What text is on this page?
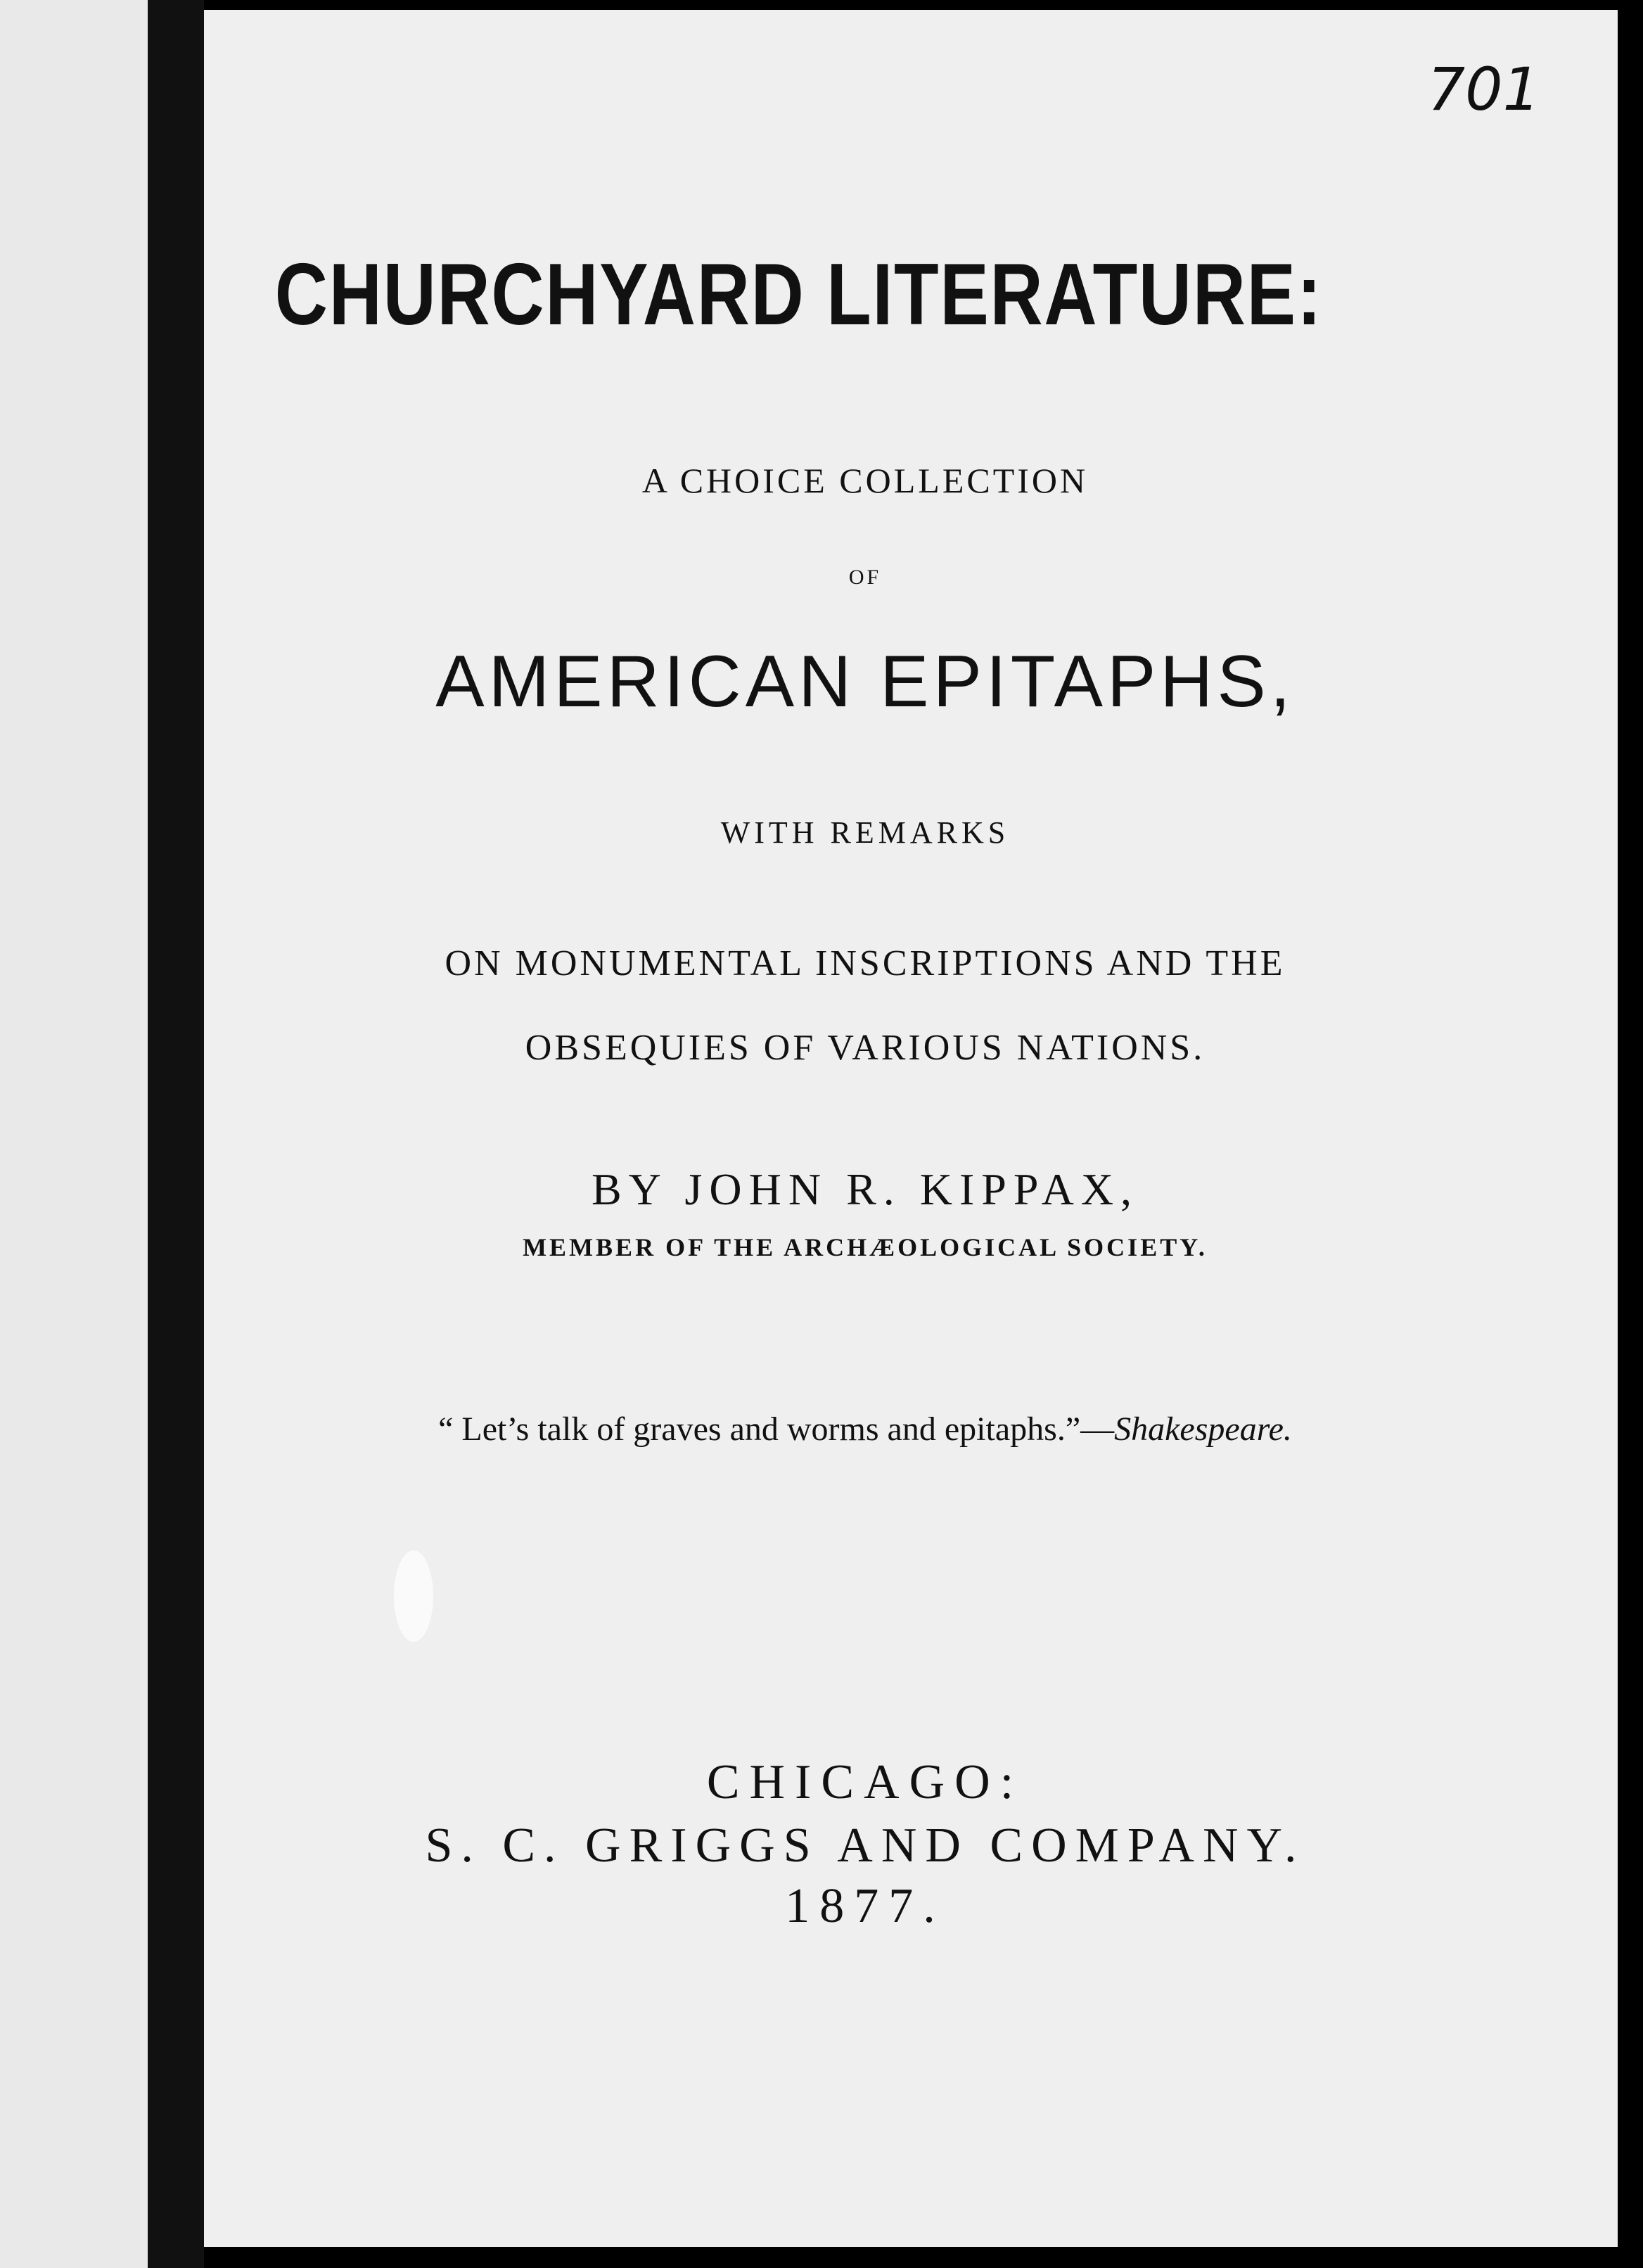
701
CHURCHYARD LITERATURE:
A CHOICE COLLECTION
OF
AMERICAN EPITAPHS,
WITH REMARKS
ON MONUMENTAL INSCRIPTIONS AND THE
OBSEQUIES OF VARIOUS NATIONS.
BY JOHN R. KIPPAX,
MEMBER OF THE ARCHÆOLOGICAL SOCIETY.
“ Let’s talk of graves and worms and epitaphs.”—Shakespeare.
CHICAGO:
S. C. GRIGGS AND COMPANY.
1877.
